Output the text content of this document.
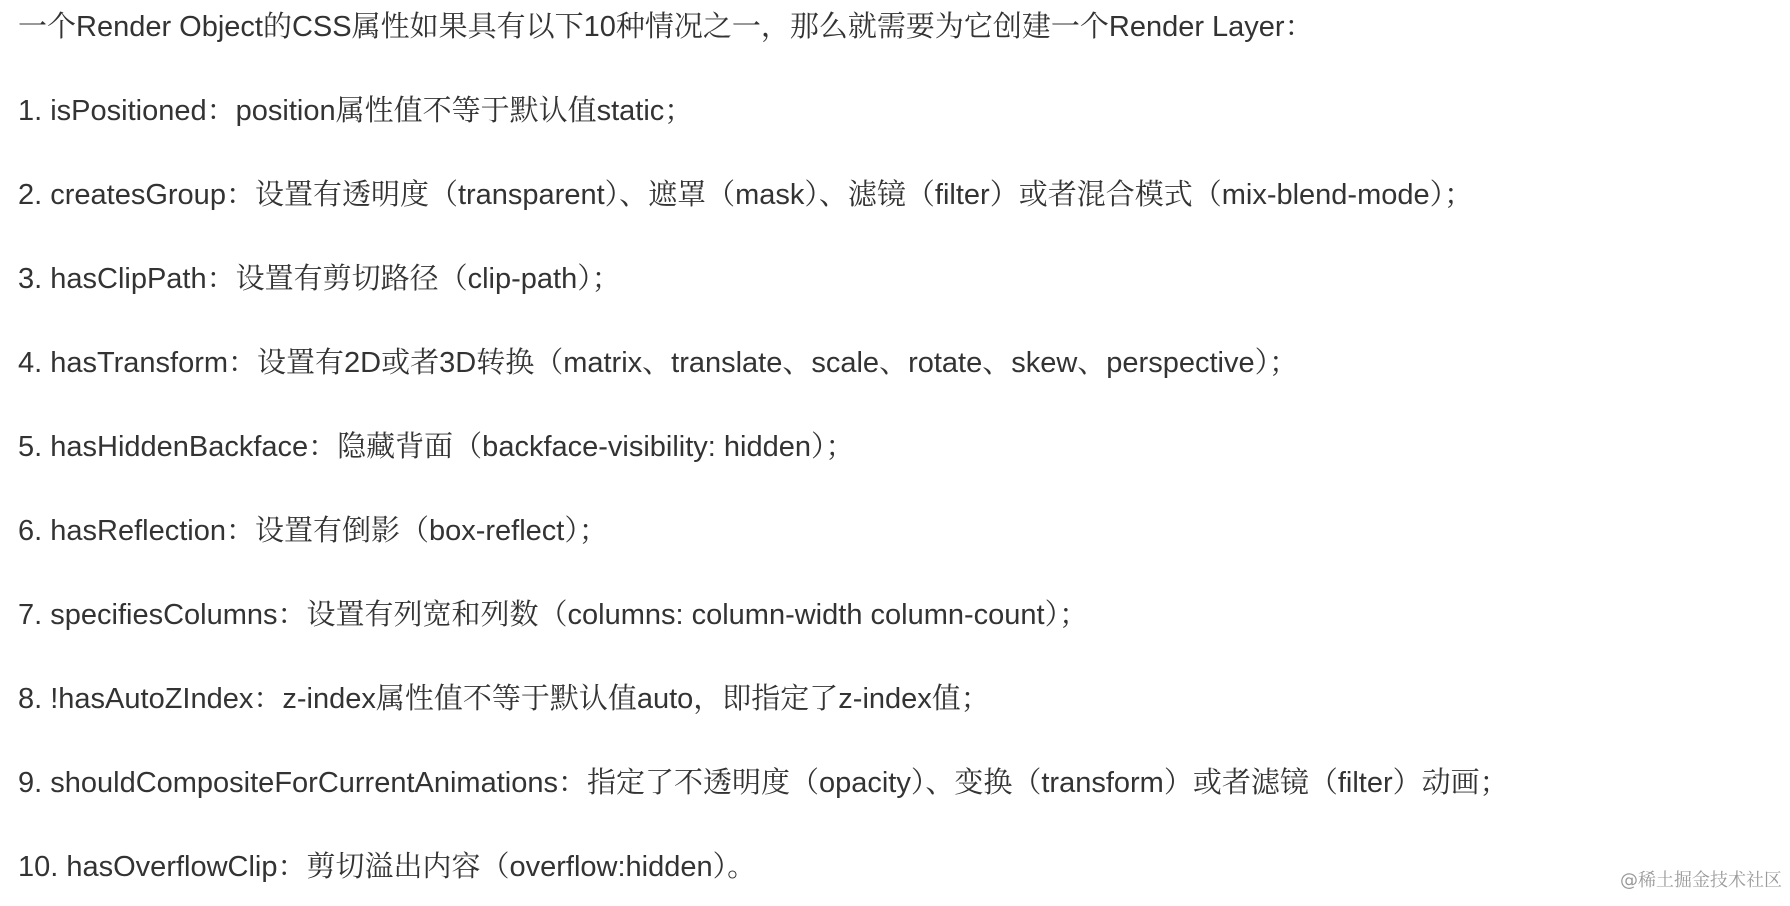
一个Render Object的CSS属性如果具有以下10种情况之一，那么就需要为它创建一个Render Layer：

1. isPositioned：position属性值不等于默认值static；
2. createsGroup：设置有透明度（transparent）、遮罩（mask）、滤镜（filter）或者混合模式（mix-blend-mode）；
3. hasClipPath：设置有剪切路径（clip-path）；
4. hasTransform：设置有2D或者3D转换（matrix、translate、scale、rotate、skew、perspective）；
5. hasHiddenBackface：隐藏背面（backface-visibility: hidden）；
6. hasReflection：设置有倒影（box-reflect）；
7. specifiesColumns：设置有列宽和列数（columns: column-width column-count）；
8. !hasAutoZIndex：z-index属性值不等于默认值auto，即指定了z-index值；
9. shouldCompositeForCurrentAnimations：指定了不透明度（opacity）、变换（transform）或者滤镜（filter）动画；
10. hasOverflowClip：剪切溢出内容（overflow:hidden）。	@稀土掘金技术社区
